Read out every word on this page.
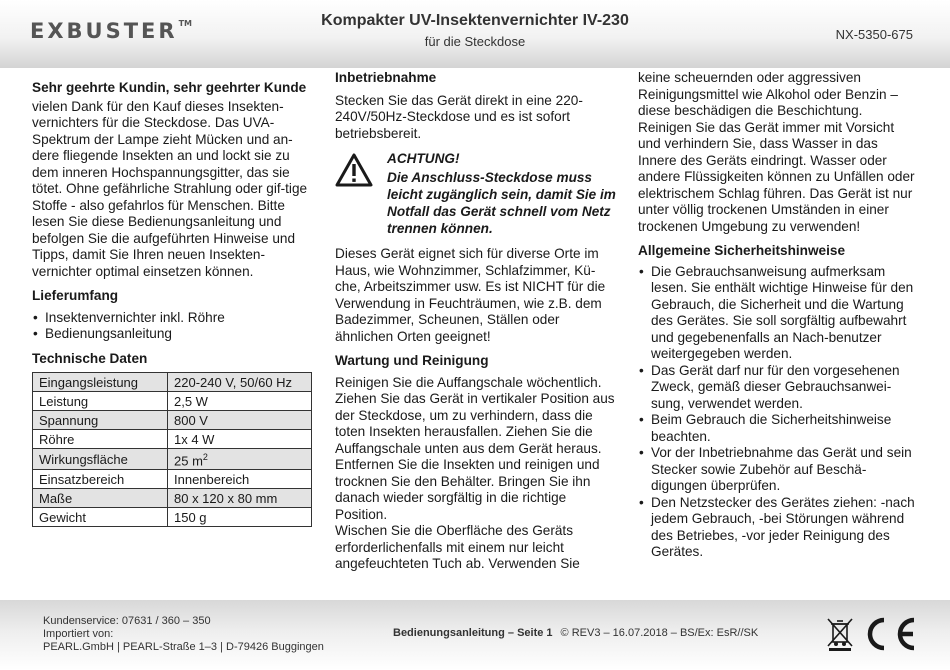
EXBUSTER™	Kompakter UV-Insektenvernichter IV-230
für die Steckdose	NX-5350-675
Sehr geehrte Kundin, sehr geehrter Kunde

vielen Dank für den Kauf dieses Insekten-vernichters für die Steckdose. Das UVA-Spektrum der Lampe zieht Mücken und an-dere fliegende Insekten an und lockt sie zu dem inneren Hochspannungsgitter, das sie tötet. Ohne gefährliche Strahlung oder gif-tige Stoffe - also gefahrlos für Menschen. Bitte lesen Sie diese Bedienungsanleitung und befolgen Sie die aufgeführten Hinweise und Tipps, damit Sie Ihren neuen Insekten-vernichter optimal einsetzen können.

Lieferumfang
• Insektenvernichter inkl. Röhre
• Bedienungsanleitung
Technische Daten
Eingangsleistung	220-240 V, 50/60 Hz
Leistung	2,5 W
Spannung	800 V
Röhre	1x 4 W
Wirkungsfläche	25 $m^2$
Einsatzbereich	Innenbereich
Maße	80 x 120 x 80 mm
Gewicht	150 g
Inbetriebnahme

Stecken Sie das Gerät direkt in eine 220-240V/50Hz-Steckdose und es ist sofort betriebsbereit.

ACHTUNG!
Die Anschluss-Steckdose muss leicht zugänglich sein, damit Sie im Notfall das Gerät schnell vom Netz trennen können.

Dieses Gerät eignet sich für diverse Orte im Haus, wie Wohnzimmer, Schlafzimmer, Kü-che, Arbeitszimmer usw. Es ist NICHT für die Verwendung in Feuchträumen, wie z.B. dem Badezimmer, Scheunen, Ställen oder ähnlichen Orten geeignet!

Wartung und Reinigung

Reinigen Sie die Auffangschale wöchentlich.

Ziehen Sie das Gerät in vertikaler Position aus der Steckdose, um zu verhindern, dass die toten Insekten herausfallen. Ziehen Sie die Auffangschale unten aus dem Gerät heraus. Entfernen Sie die Insekten und reinigen und trocknen Sie den Behälter. Bringen Sie ihn danach wieder sorgfältig in die richtige Position.

Wischen Sie die Oberfläche des Geräts erforderlichenfalls mit einem nur leicht angefeuchteten Tuch ab. Verwenden Sie

keine scheuernden oder aggressiven Reinigungsmittel wie Alkohol oder Benzin – diese beschädigen die Beschichtung.

Reinigen Sie das Gerät immer mit Vorsicht und verhindern Sie, dass Wasser in das Innere des Geräts eindringt. Wasser oder andere Flüssigkeiten können zu Unfällen oder elektrischem Schlag führen. Das Gerät ist nur unter völlig trockenen Umständen in einer trockenen Umgebung zu verwenden!

Allgemeine Sicherheitshinweise
• Die Gebrauchsanweisung aufmerksam lesen. Sie enthält wichtige Hinweise für den Gebrauch, die Sicherheit und die Wartung des Gerätes. Sie soll sorgfältig aufbewahrt und gegebenenfalls an Nach-benutzer weitergegeben werden.
• Das Gerät darf nur für den vorgesehenen Zweck, gemäß dieser Gebrauchsanwei-sung, verwendet werden.
• Beim Gebrauch die Sicherheitshinweise beachten.
• Vor der Inbetriebnahme das Gerät und sein Stecker sowie Zubehör auf Beschä-digungen überprüfen.
• Den Netzstecker des Gerätes ziehen: -nach jedem Gebrauch, -bei Störungen während des Betriebes, -vor jeder Reinigung des Gerätes.
Kundenservice: 07631 / 360 – 350
Importiert von:
PEARL.GmbH | PEARL-Straße 1–3 | D-79426 Buggingen
Bedienungsanleitung – Seite 1 © REV3 – 16.07.2018 – BS/Ex: EsR//SK
